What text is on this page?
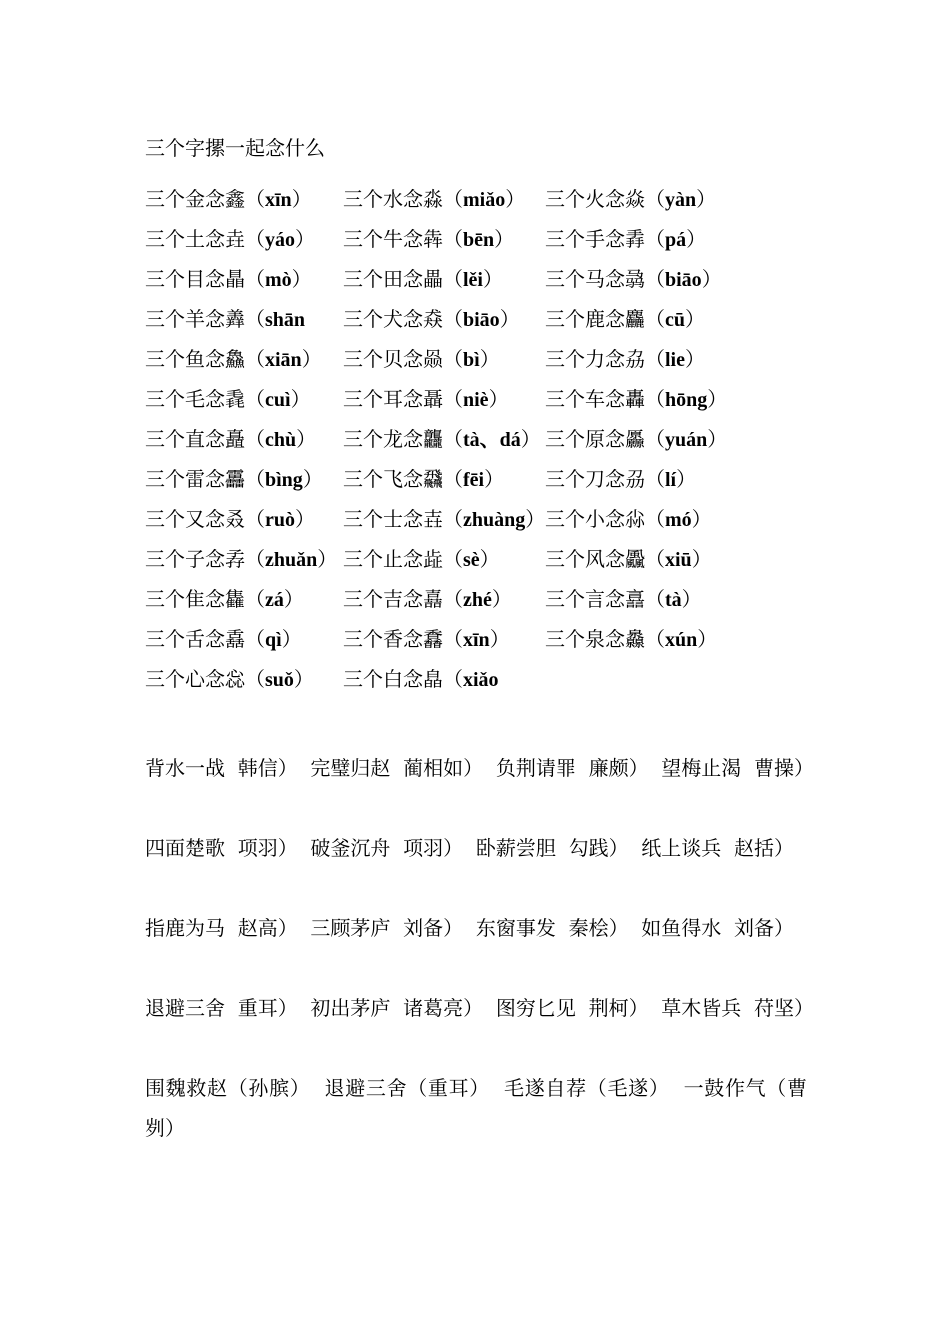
三个字摞一起念什么
三个金念鑫（xīn） 三个水念淼（miǎo） 三个火念焱（yàn）
三个土念垚（yáo） 三个牛念犇（bēn） 三个手念掱（pá）
三个目念瞐（mò） 三个田念畾（lěi） 三个马念骉（biāo）
三个羊念羴（shān 三个犬念猋（biāo） 三个鹿念麤（cū）
三个鱼念鱻（xiān） 三个贝念赑（bì） 三个力念劦（lie）
三个毛念毳（cuì） 三个耳念聶（niè） 三个车念轟（hōng）
三个直念矗（chù） 三个龙念龘（tà、dá） 三个原念厵（yuán）
三个雷念靐（bìng） 三个飞念飝（fēi） 三个刀念刕（lí）
三个又念叒（ruò） 三个士念壵（zhuàng） 三个小念尛（mó）
三个子念孨（zhuǎn） 三个止念歮（sè） 三个风念飍（xiū）
三个隹念雥（zá） 三个吉念嚞（zhé） 三个言念譶（tà）
三个舌念舙（qì） 三个香念馫（xīn） 三个泉念灥（xún）
三个心念惢（suǒ） 三个白念皛（xiǎo
背水一战  韩信）  完璧归赵  蔺相如）  负荆请罪  廉颇）  望梅止渴  曹操）
四面楚歌  项羽）  破釜沉舟  项羽）  卧薪尝胆  勾践）  纸上谈兵  赵括）
指鹿为马  赵高）  三顾茅庐  刘备）  东窗事发  秦桧）  如鱼得水  刘备）
退避三舍  重耳）  初出茅庐  诸葛亮）  图穷匕见  荆柯）  草木皆兵  苻坚）
围魏救赵（孙膑）  退避三舍（重耳）  毛遂自荐（毛遂）  一鼓作气（曹刿）
